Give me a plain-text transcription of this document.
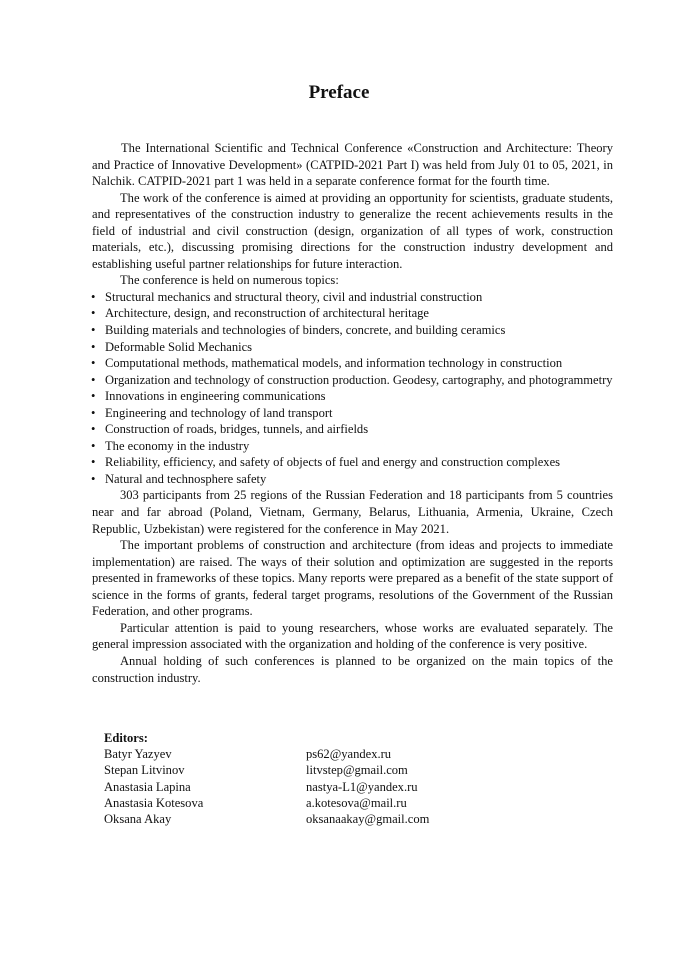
Preface

The International Scientific and Technical Conference «Construction and Architecture: Theory and Practice of Innovative Development» (CATPID-2021 Part I) was held from July 01 to 05, 2021, in Nalchik. CATPID-2021 part 1 was held in a separate conference format for the fourth time.

The work of the conference is aimed at providing an opportunity for scientists, graduate students, and representatives of the construction industry to generalize the recent achievements results in the field of industrial and civil construction (design, organization of all types of work, construction materials, etc.), discussing promising directions for the construction industry development and establishing useful partner relationships for future interaction.

The conference is held on numerous topics:

• Structural mechanics and structural theory, civil and industrial construction
• Architecture, design, and reconstruction of architectural heritage
• Building materials and technologies of binders, concrete, and building ceramics
• Deformable Solid Mechanics
• Computational methods, mathematical models, and information technology in construction
• Organization and technology of construction production. Geodesy, cartography, and photogrammetry
• Innovations in engineering communications
• Engineering and technology of land transport
• Construction of roads, bridges, tunnels, and airfields
• The economy in the industry
• Reliability, efficiency, and safety of objects of fuel and energy and construction complexes
• Natural and technosphere safety

303 participants from 25 regions of the Russian Federation and 18 participants from 5 countries near and far abroad (Poland, Vietnam, Germany, Belarus, Lithuania, Armenia, Ukraine, Czech Republic, Uzbekistan) were registered for the conference in May 2021.

The important problems of construction and architecture (from ideas and projects to immediate implementation) are raised. The ways of their solution and optimization are suggested in the reports presented in frameworks of these topics. Many reports were prepared as a benefit of the state support of science in the forms of grants, federal target programs, resolutions of the Government of the Russian Federation, and other programs.

Particular attention is paid to young researchers, whose works are evaluated separately. The general impression associated with the organization and holding of the conference is very positive.

Annual holding of such conferences is planned to be organized on the main topics of the construction industry.

Editors:
Batyr Yazyev	ps62@yandex.ru
Stepan Litvinov	litvstep@gmail.com
Anastasia Lapina	nastya-L1@yandex.ru
Anastasia Kotesova	a.kotesova@mail.ru
Oksana Akay	oksanaakay@gmail.com
